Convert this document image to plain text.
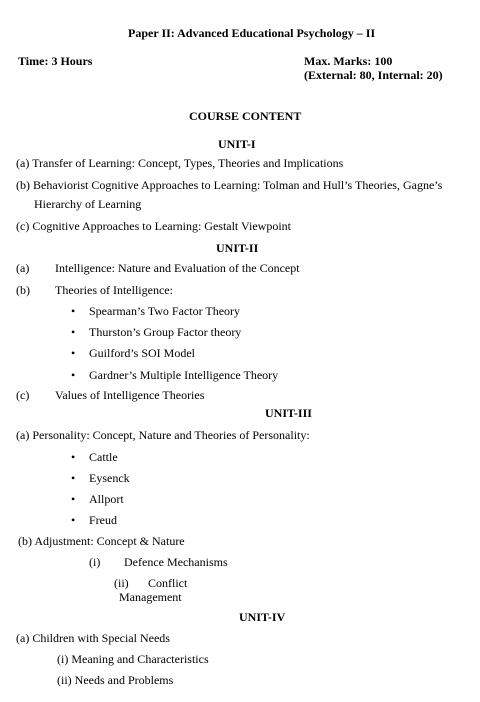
Paper II: Advanced Educational Psychology – II
Time: 3 Hours	Max. Marks: 100
(External: 80, Internal: 20)
COURSE CONTENT
UNIT-I
(a) Transfer of Learning: Concept, Types, Theories and Implications
(b) Behaviorist Cognitive Approaches to Learning: Tolman and Hull’s Theories, Gagne’s
Hierarchy of Learning
(c) Cognitive Approaches to Learning: Gestalt Viewpoint
UNIT-II
(a) Intelligence: Nature and Evaluation of the Concept
(b) Theories of Intelligence:
• Spearman’s Two Factor Theory
• Thurston’s Group Factor theory
• Guilford’s SOI Model
• Gardner’s Multiple Intelligence Theory
(c) Values of Intelligence Theories
UNIT-III
(a) Personality: Concept, Nature and Theories of Personality:
• Cattle
• Eysenck
• Allport
• Freud
(b) Adjustment: Concept & Nature
(i) Defence Mechanisms
(ii) Conflict
Management
UNIT-IV
(a) Children with Special Needs
(i) Meaning and Characteristics
(ii) Needs and Problems
